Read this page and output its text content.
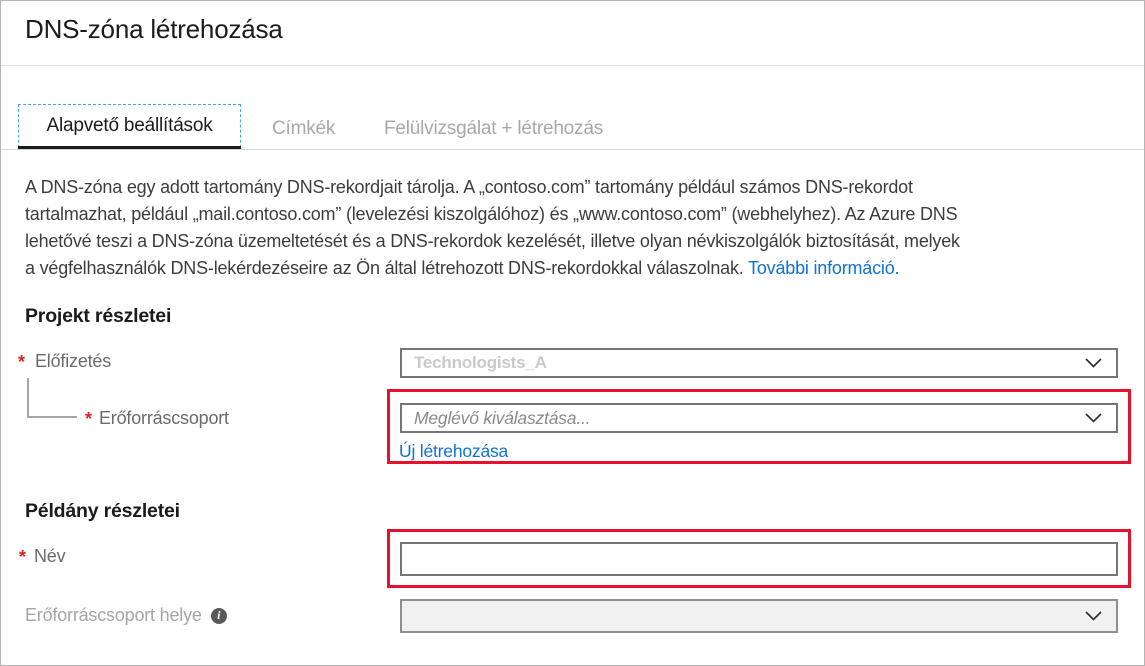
DNS-zóna létrehozása
Alapvető beállítások	Címkék	Felülvizsgálat + létrehozás
A DNS-zóna egy adott tartomány DNS-rekordjait tárolja. A „contoso.com” tartomány például számos DNS-rekordot
tartalmazhat, például „mail.contoso.com” (levelezési kiszolgálóhoz) és „www.contoso.com” (webhelyhez). Az Azure DNS
lehetővé teszi a DNS-zóna üzemeltetését és a DNS-rekordok kezelését, illetve olyan névkiszolgálók biztosítását, melyek
a végfelhasználók DNS-lekérdezéseire az Ön által létrehozott DNS-rekordokkal válaszolnak. További információ.
Projekt részletei
* Előfizetés	Technologists_A
* Erőforráscsoport	Meglévő kiválasztása...
Új létrehozása
Példány részletei
* Név
Erőforráscsoport helye	i
